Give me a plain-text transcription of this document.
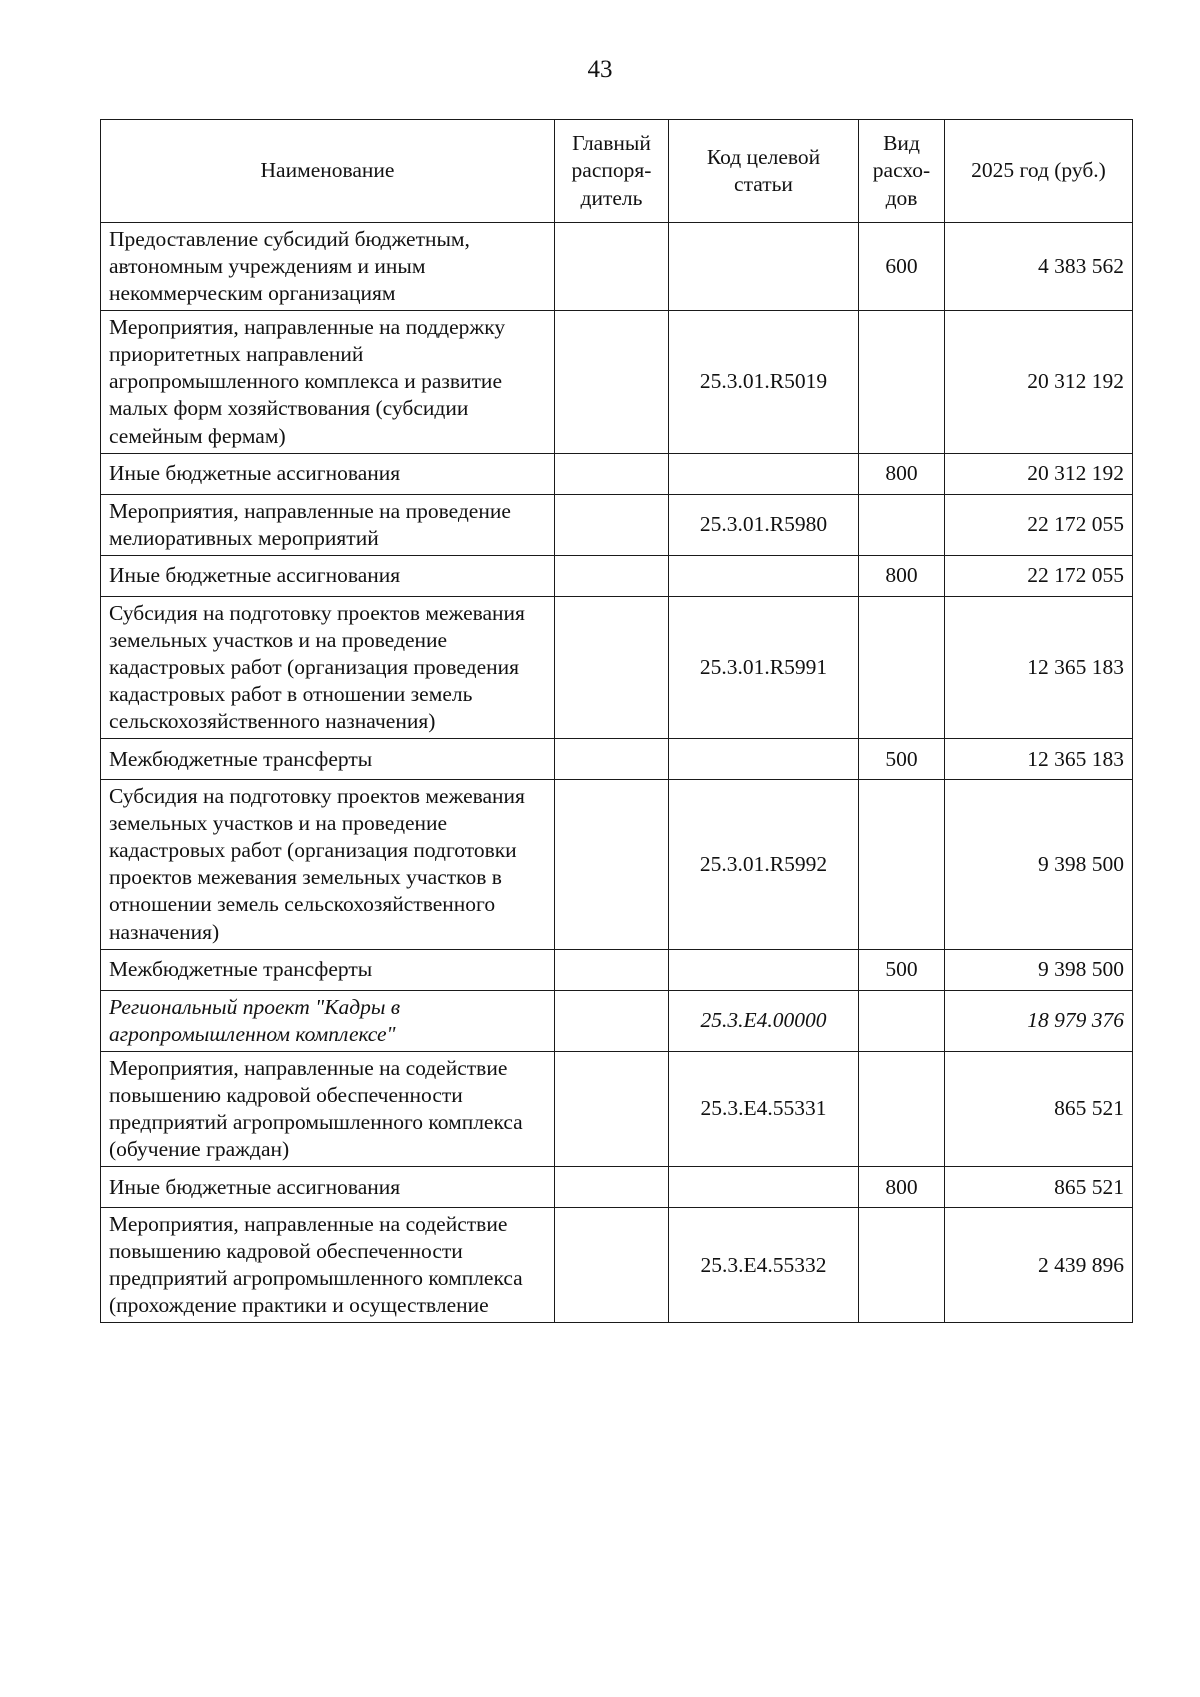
43
Наименование	Главный распоря-дитель	Код целевой статьи	Вид расхо-дов	2025 год (руб.)
Предоставление субсидий бюджетным, автономным учреждениям и иным некоммерческим организациям			600	4 383 562
Мероприятия, направленные на поддержку приоритетных направлений агропромышленного комплекса и развитие малых форм хозяйствования (субсидии семейным фермам)		25.3.01.R5019		20 312 192
Иные бюджетные ассигнования			800	20 312 192
Мероприятия, направленные на проведение мелиоративных мероприятий		25.3.01.R5980		22 172 055
Иные бюджетные ассигнования			800	22 172 055
Субсидия на подготовку проектов межевания земельных участков и на проведение кадастровых работ (организация проведения кадастровых работ в отношении земель сельскохозяйственного назначения)		25.3.01.R5991		12 365 183
Межбюджетные трансферты			500	12 365 183
Субсидия на подготовку проектов межевания земельных участков и на проведение кадастровых работ (организация подготовки проектов межевания земельных участков в отношении земель сельскохозяйственного назначения)		25.3.01.R5992		9 398 500
Межбюджетные трансферты			500	9 398 500
Региональный проект "Кадры в агропромышленном комплексе"		25.3.E4.00000		18 979 376
Мероприятия, направленные на содействие повышению кадровой обеспеченности предприятий агропромышленного комплекса (обучение граждан)		25.3.E4.55331		865 521
Иные бюджетные ассигнования			800	865 521
Мероприятия, направленные на содействие повышению кадровой обеспеченности предприятий агропромышленного комплекса (прохождение практики и осуществление		25.3.E4.55332		2 439 896
